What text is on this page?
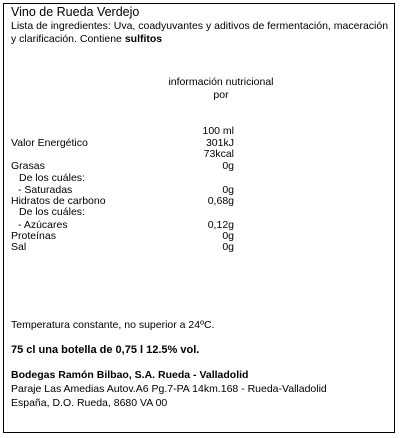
Vino de Rueda Verdejo
Lista de ingredientes: Uva, coadyuvantes y aditivos de fermentación, maceración y clarificación. Contiene sulfitos
información nutricional
por
100 ml
Valor Energético	301kJ
73kcal
Grasas	0g
De los cuáles:
- Saturadas	0g
Hidratos de carbono	0,68g
De los cuáles:
- Azúcares	0,12g
Proteínas	0g
Sal	0g
Temperatura constante, no superior a 24ºC.
75 cl una botella de 0,75 l 12.5% vol.
Bodegas Ramón Bilbao, S.A. Rueda - Valladolid
Paraje Las Amedias Autov.A6 Pg.7-PA 14km.168 - Rueda-Valladolid
España, D.O. Rueda, 8680 VA 00
